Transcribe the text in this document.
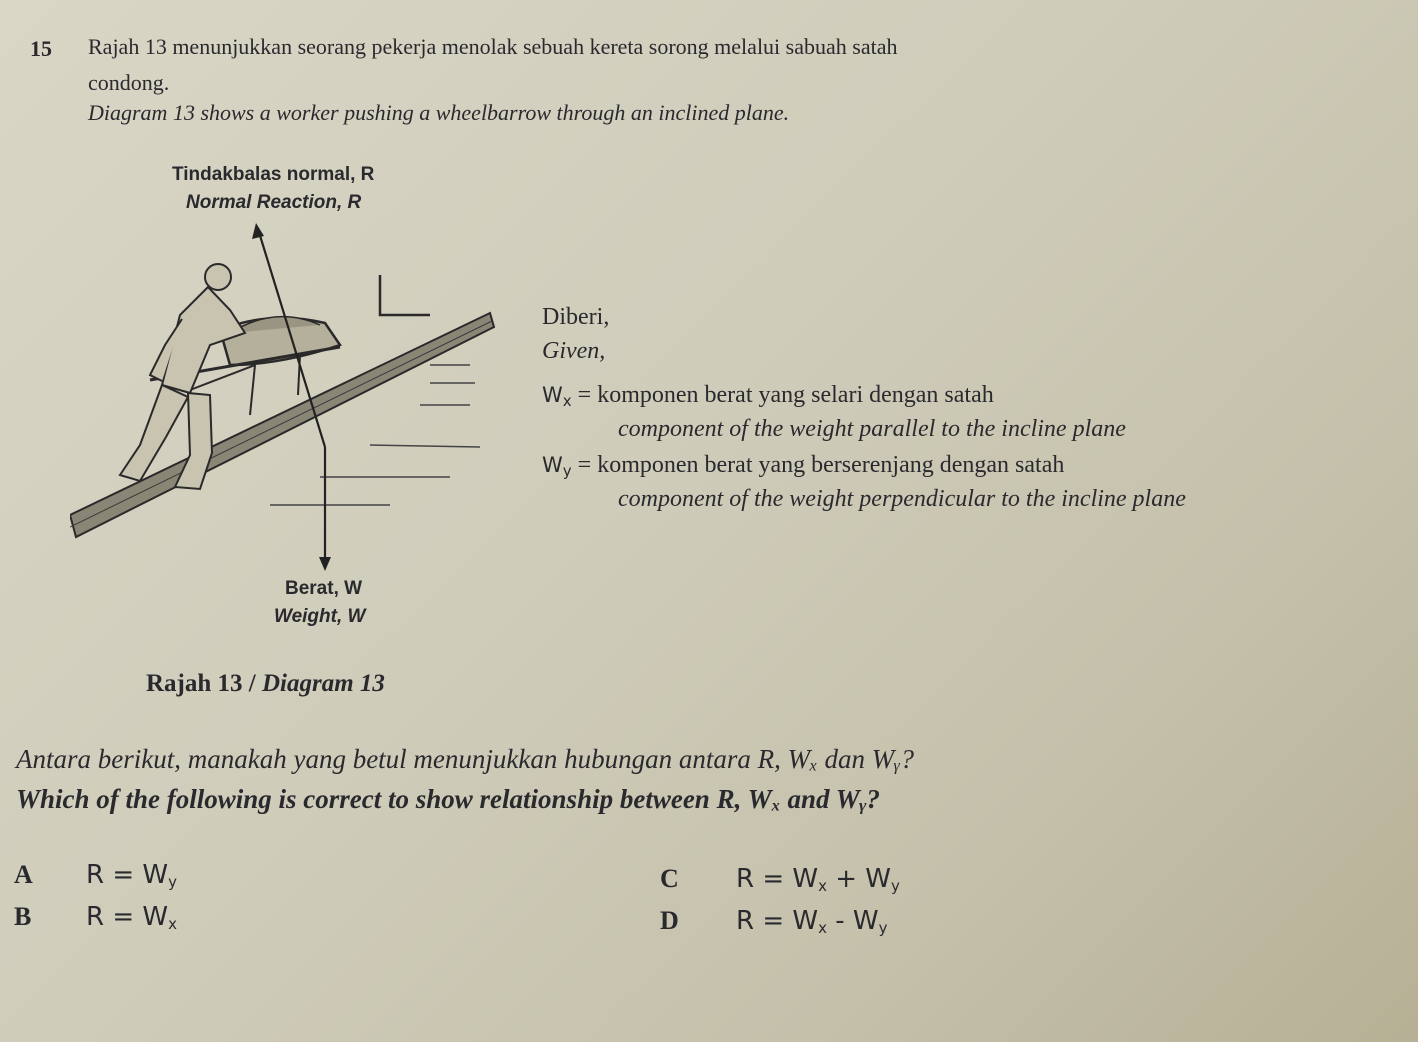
15 Rajah 13 menunjukkan seorang pekerja menolak sebuah kereta sorong melalui sabuah satah
condong.
Diagram 13 shows a worker pushing a wheelbarrow through an inclined plane.
Tindakbalas normal, R
Normal Reaction, R
Berat, W
Weight, W
Rajah 13 / Diagram 13
Diberi,
Given,
$W_x$ = komponen berat yang selari dengan satah
component of the weight parallel to the incline plane
$W_y$ = komponen berat yang berserenjang dengan satah
component of the weight perpendicular to the incline plane
Antara berikut, manakah yang betul menunjukkan hubungan antara R, Wₓ dan Wᵧ?
Which of the following is correct to show relationship between R, Wₓ and Wᵧ?
A $R = W_y$
B $R = W_x$
C $R = W_x + W_y$
D $R = W_x - W_y$
